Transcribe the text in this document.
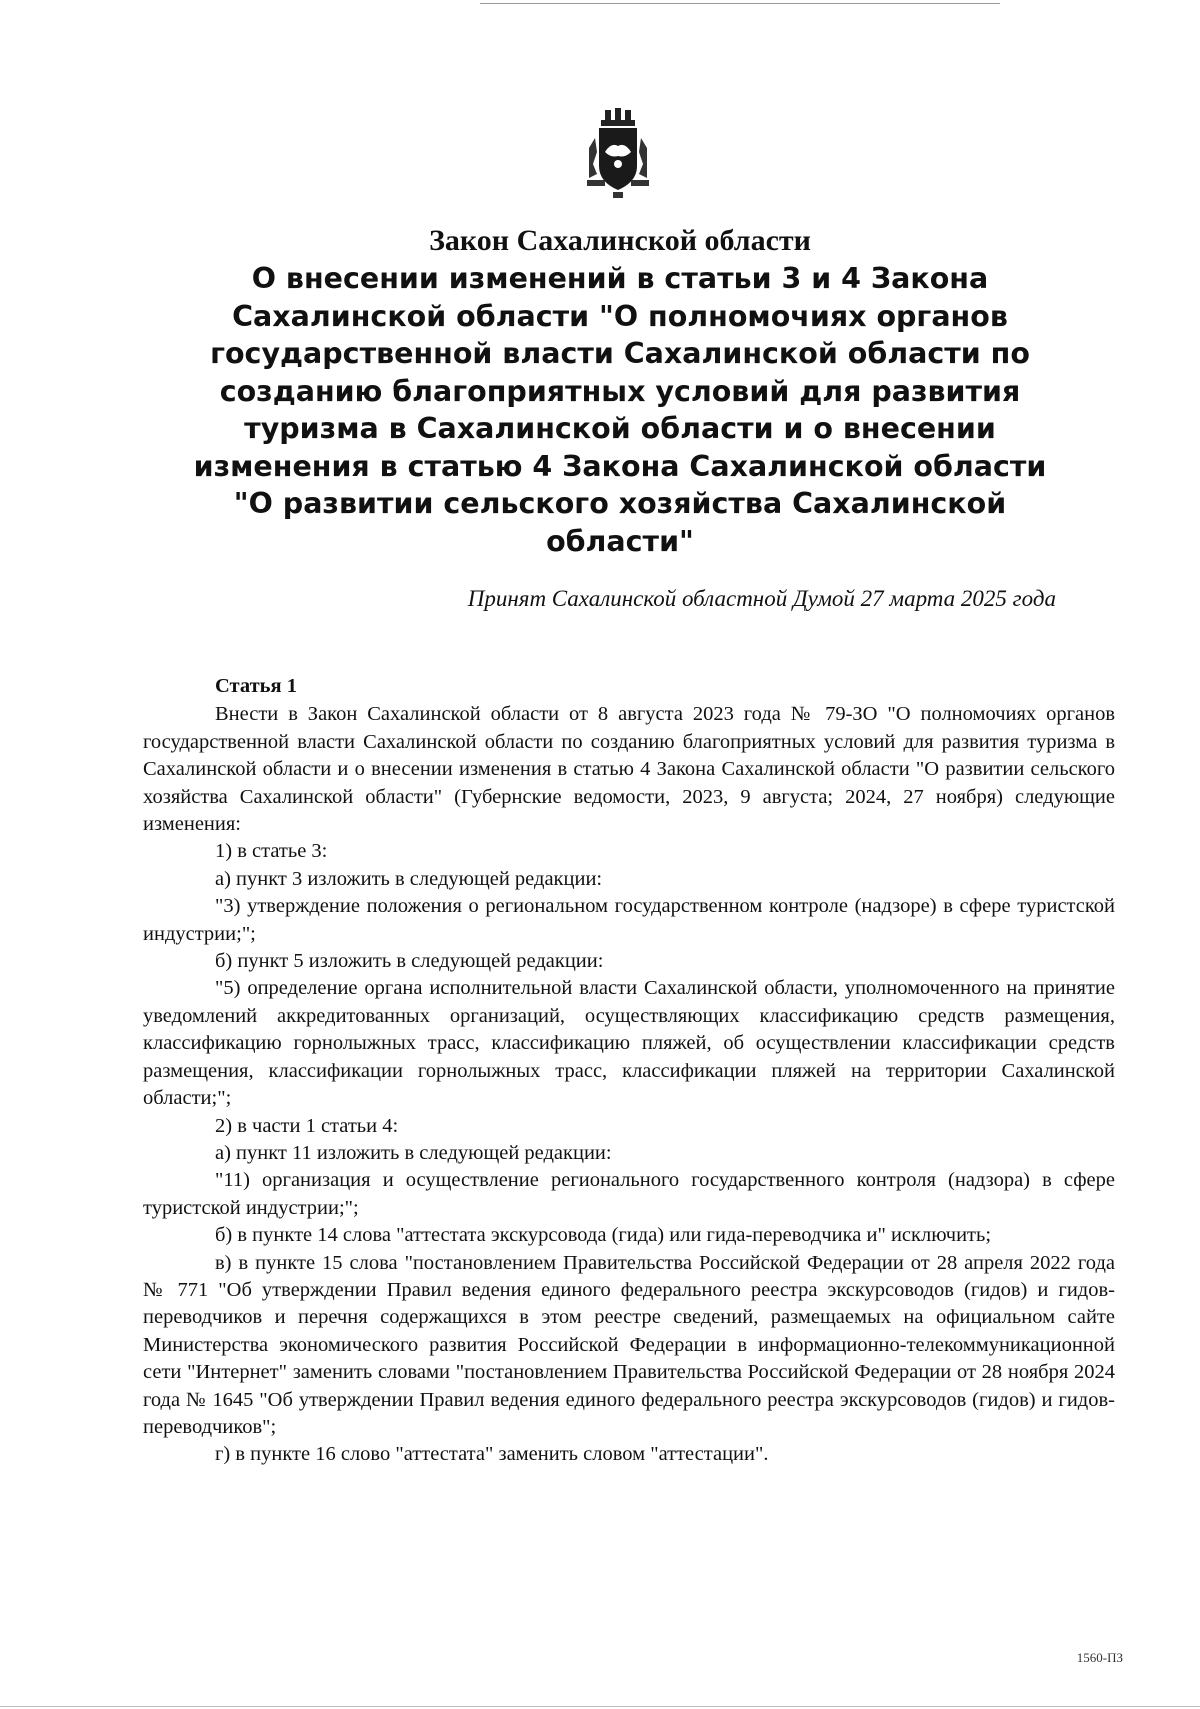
Закон Сахалинской области

О внесении изменений в статьи 3 и 4 Закона

Сахалинской области "О полномочиях органов

государственной власти Сахалинской области по

созданию благоприятных условий для развития

туризма в Сахалинской области и о внесении

изменения в статью 4 Закона Сахалинской области

"О развитии сельского хозяйства Сахалинской

области"

Принят Сахалинской областной Думой 27 марта 2025 года

Статья 1

Внести в Закон Сахалинской области от 8 августа 2023 года № 79-ЗО "О полномочиях органов государственной власти Сахалинской области по созданию благоприятных условий для развития туризма в Сахалинской области и о внесении изменения в статью 4 Закона Сахалинской области "О развитии сельского хозяйства Сахалинской области" (Губернские ведомости, 2023, 9 августа; 2024, 27 ноября) следующие изменения:

1) в статье 3:

а) пункт 3 изложить в следующей редакции:

"3) утверждение положения о региональном государственном контроле (надзоре) в сфере туристской индустрии;";

б) пункт 5 изложить в следующей редакции:

"5) определение органа исполнительной власти Сахалинской области, уполномоченного на принятие уведомлений аккредитованных организаций, осуществляющих классификацию средств размещения, классификацию горнолыжных трасс, классификацию пляжей, об осуществлении классификации средств размещения, классификации горнолыжных трасс, классификации пляжей на территории Сахалинской области;";

2) в части 1 статьи 4:

а) пункт 11 изложить в следующей редакции:

"11) организация и осуществление регионального государственного контроля (надзора) в сфере туристской индустрии;";

б) в пункте 14 слова "аттестата экскурсовода (гида) или гида-переводчика и" исключить;

в) в пункте 15 слова "постановлением Правительства Российской Федерации от 28 апреля 2022 года № 771 "Об утверждении Правил ведения единого федерального реестра экскурсоводов (гидов) и гидов-переводчиков и перечня содержащихся в этом реестре сведений, размещаемых на официальном сайте Министерства экономического развития Российской Федерации в информационно-телекоммуникационной сети "Интернет" заменить словами "постановлением Правительства Российской Федерации от 28 ноября 2024 года № 1645 "Об утверждении Правил ведения единого федерального реестра экскурсоводов (гидов) и гидов-переводчиков";

г) в пункте 16 слово "аттестата" заменить словом "аттестации".

1560-ПЗ
